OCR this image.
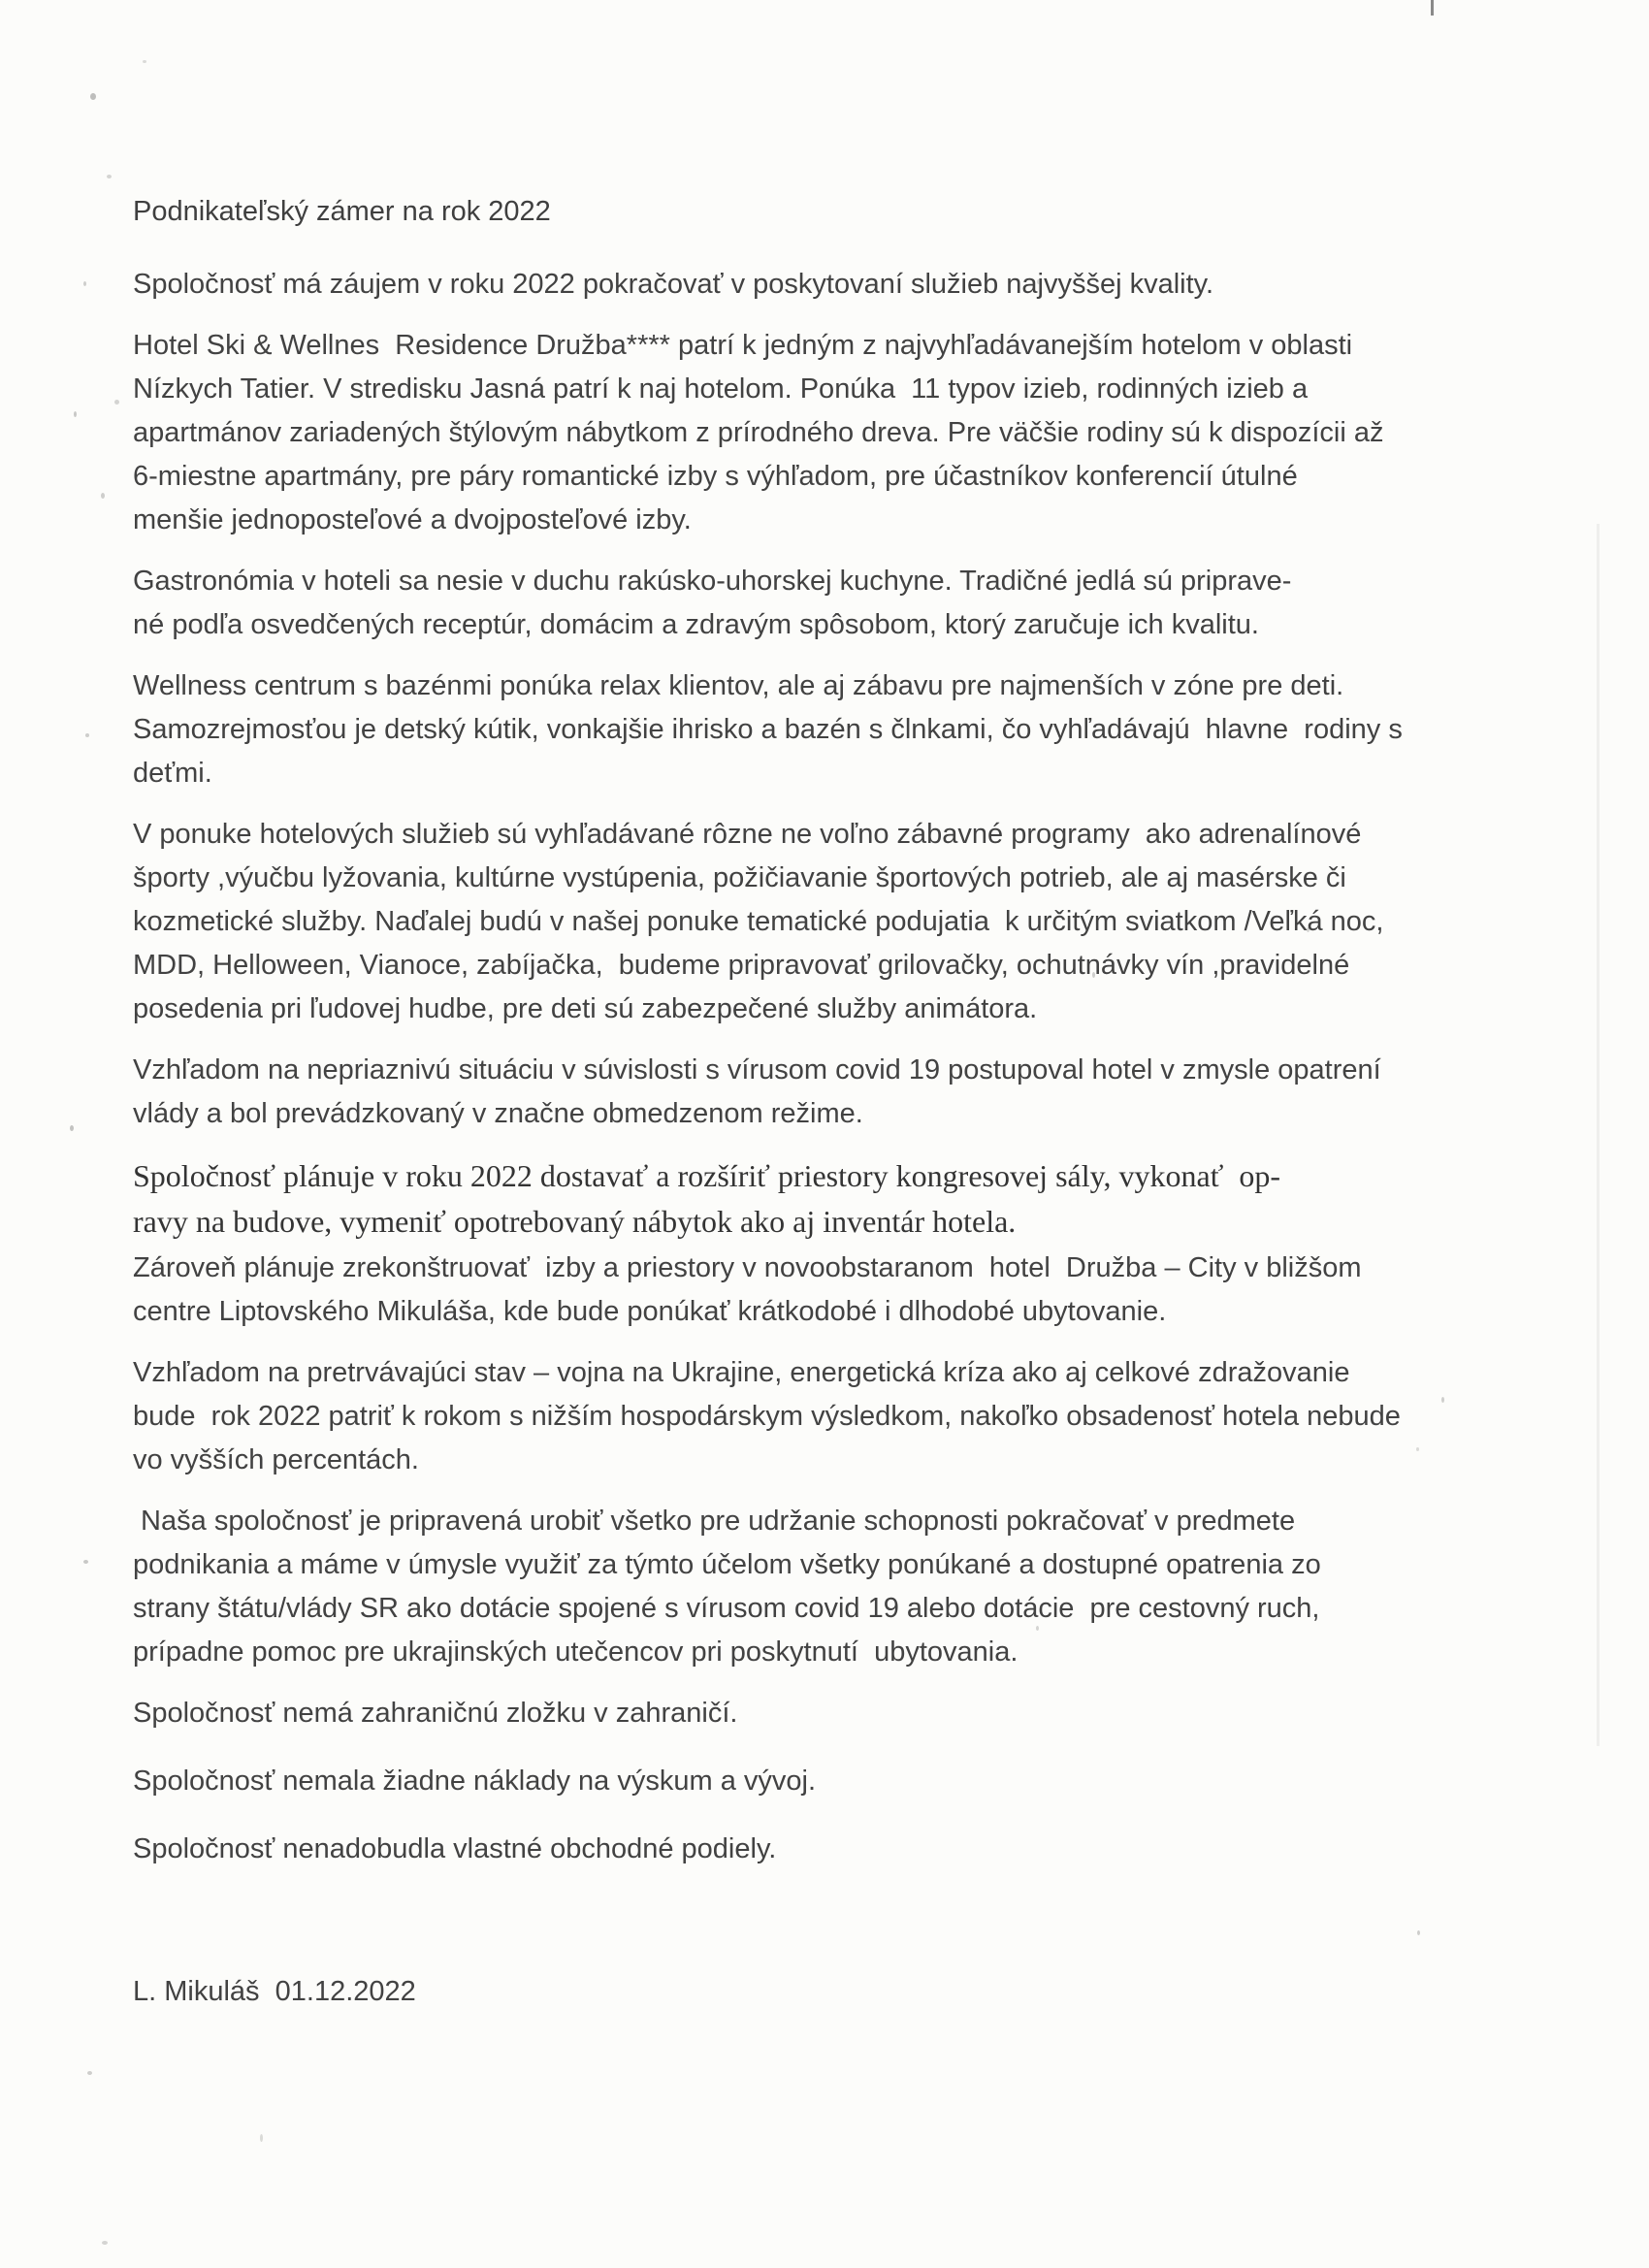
Podnikateľský zámer na rok 2022

Spoločnosť má záujem v roku 2022 pokračovať v poskytovaní služieb najvyššej kvality.

Hotel Ski & Wellnes  Residence Družba**** patrí k jedným z najvyhľadávanejším hotelom v oblasti
Nízkych Tatier. V stredisku Jasná patrí k naj hotelom. Ponúka  11 typov izieb, rodinných izieb a
apartmánov zariadených štýlovým nábytkom z prírodného dreva. Pre väčšie rodiny sú k dispozícii až
6-miestne apartmány, pre páry romantické izby s výhľadom, pre účastníkov konferencií útulné
menšie jednoposteľové a dvojposteľové izby.

Gastronómia v hoteli sa nesie v duchu rakúsko-uhorskej kuchyne. Tradičné jedlá sú priprave-
né podľa osvedčených receptúr, domácim a zdravým spôsobom, ktorý zaručuje ich kvalitu.

Wellness centrum s bazénmi ponúka relax klientov, ale aj zábavu pre najmenších v zóne pre deti.
Samozrejmosťou je detský kútik, vonkajšie ihrisko a bazén s člnkami, čo vyhľadávajú  hlavne  rodiny s
deťmi.

V ponuke hotelových služieb sú vyhľadávané rôzne ne voľno zábavné programy  ako adrenalínové
športy ,výučbu lyžovania, kultúrne vystúpenia, požičiavanie športových potrieb, ale aj masérske či
kozmetické služby. Naďalej budú v našej ponuke tematické podujatia  k určitým sviatkom /Veľká noc,
MDD, Helloween, Vianoce, zabíjačka,  budeme pripravovať grilovačky, ochutnávky vín ,pravidelné
posedenia pri ľudovej hudbe, pre deti sú zabezpečené služby animátora.

Vzhľadom na nepriaznivú situáciu v súvislosti s vírusom covid 19 postupoval hotel v zmysle opatrení
vlády a bol prevádzkovaný v značne obmedzenom režime.

Spoločnosť plánuje v roku 2022 dostavať a rozšíriť priestory kongresovej sály, vykonať  op-
ravy na budove, vymeniť opotrebovaný nábytok ako aj inventár hotela.

Zároveň plánuje zrekonštruovať  izby a priestory v novoobstaranom  hotel  Družba – City v bližšom
centre Liptovského Mikuláša, kde bude ponúkať krátkodobé i dlhodobé ubytovanie.

Vzhľadom na pretrvávajúci stav – vojna na Ukrajine, energetická kríza ako aj celkové zdražovanie
bude  rok 2022 patriť k rokom s nižším hospodárskym výsledkom, nakoľko obsadenosť hotela nebude
vo vyšších percentách.

Naša spoločnosť je pripravená urobiť všetko pre udržanie schopnosti pokračovať v predmete
podnikania a máme v úmysle využiť za týmto účelom všetky ponúkané a dostupné opatrenia zo
strany štátu/vlády SR ako dotácie spojené s vírusom covid 19 alebo dotácie  pre cestovný ruch,
prípadne pomoc pre ukrajinských utečencov pri poskytnutí  ubytovania.

Spoločnosť nemá zahraničnú zložku v zahraničí.

Spoločnosť nemala žiadne náklady na výskum a vývoj.

Spoločnosť nenadobudla vlastné obchodné podiely.

L. Mikuláš  01.12.2022
